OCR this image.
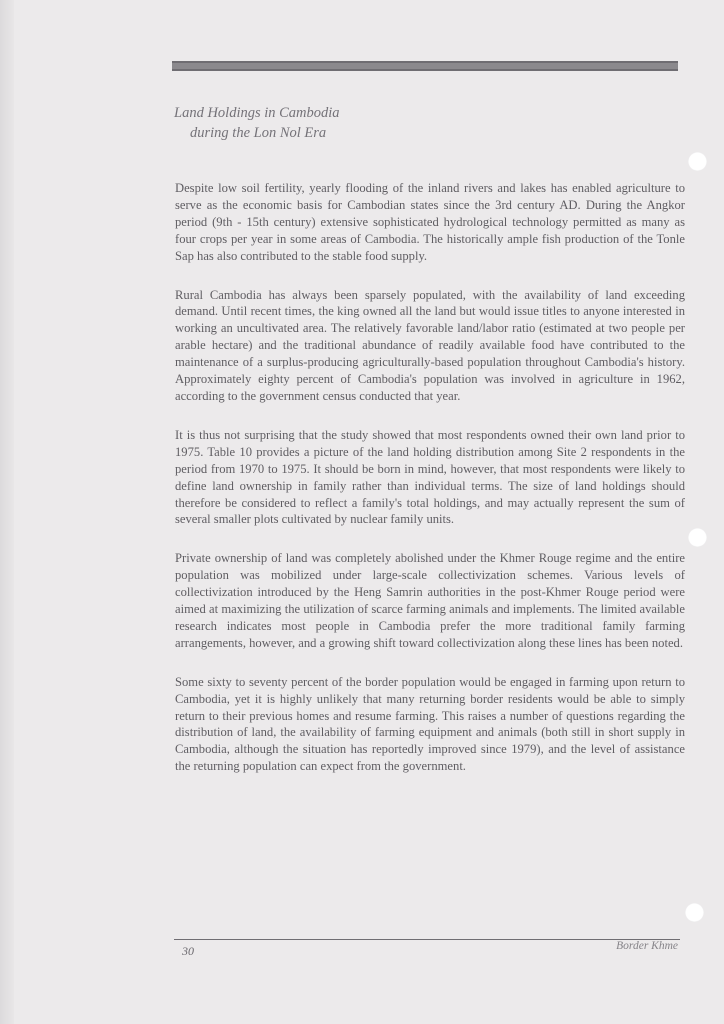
Land Holdings in Cambodia
during the Lon Nol Era

Despite low soil fertility, yearly flooding of the inland rivers and lakes has enabled agriculture to serve as the economic basis for Cambodian states since the 3rd century AD. During the Angkor period (9th - 15th century) extensive sophisticated hydrological technology permitted as many as four crops per year in some areas of Cambodia. The historically ample fish production of the Tonle Sap has also contributed to the stable food supply.

Rural Cambodia has always been sparsely populated, with the availability of land exceeding demand. Until recent times, the king owned all the land but would issue titles to anyone interested in working an uncultivated area. The relatively favorable land/labor ratio (estimated at two people per arable hectare) and the traditional abundance of readily available food have contributed to the maintenance of a surplus-producing agriculturally-based population throughout Cambodia's history. Approximately eighty percent of Cambodia's population was involved in agriculture in 1962, according to the government census conducted that year.

It is thus not surprising that the study showed that most respondents owned their own land prior to 1975. Table 10 provides a picture of the land holding distribution among Site 2 respondents in the period from 1970 to 1975. It should be born in mind, however, that most respondents were likely to define land ownership in family rather than individual terms. The size of land holdings should therefore be considered to reflect a family's total holdings, and may actually represent the sum of several smaller plots cultivated by nuclear family units.

Private ownership of land was completely abolished under the Khmer Rouge regime and the entire population was mobilized under large-scale collectivization schemes. Various levels of collectivization introduced by the Heng Samrin authorities in the post-Khmer Rouge period were aimed at maximizing the utilization of scarce farming animals and implements. The limited available research indicates most people in Cambodia prefer the more traditional family farming arrangements, however, and a growing shift toward collectivization along these lines has been noted.

Some sixty to seventy percent of the border population would be engaged in farming upon return to Cambodia, yet it is highly unlikely that many returning border residents would be able to simply return to their previous homes and resume farming. This raises a number of questions regarding the distribution of land, the availability of farming equipment and animals (both still in short supply in Cambodia, although the situation has reportedly improved since 1979), and the level of assistance the returning population can expect from the government.

30	Border Khme
